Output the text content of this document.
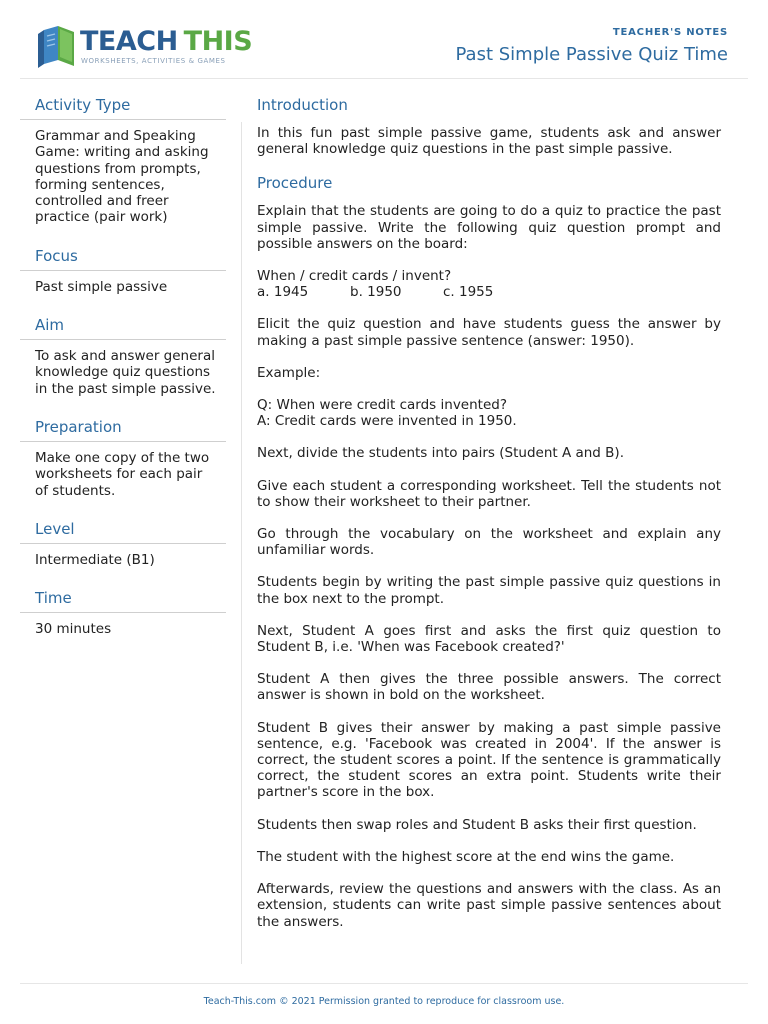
TEACH THIS
WORKSHEETS, ACTIVITIES & GAMES
TEACHER'S NOTES
Past Simple Passive Quiz Time
Activity Type
Grammar and Speaking Game: writing and asking questions from prompts, forming sentences, controlled and freer practice (pair work)
Focus
Past simple passive
Aim
To ask and answer general knowledge quiz questions in the past simple passive.
Preparation
Make one copy of the two worksheets for each pair of students.
Level
Intermediate (B1)
Time
30 minutes
Introduction

In this fun past simple passive game, students ask and answer general knowledge quiz questions in the past simple passive.

Procedure

Explain that the students are going to do a quiz to practice the past simple passive. Write the following quiz question prompt and possible answers on the board:

When / credit cards / invent?

a. 1945	b. 1950	c. 1955

Elicit the quiz question and have students guess the answer by making a past simple passive sentence (answer: 1950).

Example:

Q: When were credit cards invented?

A: Credit cards were invented in 1950.

Next, divide the students into pairs (Student A and B).

Give each student a corresponding worksheet. Tell the students not to show their worksheet to their partner.

Go through the vocabulary on the worksheet and explain any unfamiliar words.

Students begin by writing the past simple passive quiz questions in the box next to the prompt.

Next, Student A goes first and asks the first quiz question to Student B, i.e. 'When was Facebook created?'

Student A then gives the three possible answers. The correct answer is shown in bold on the worksheet.

Student B gives their answer by making a past simple passive sentence, e.g. 'Facebook was created in 2004'. If the answer is correct, the student scores a point. If the sentence is grammatically correct, the student scores an extra point. Students write their partner's score in the box.

Students then swap roles and Student B asks their first question.

The student with the highest score at the end wins the game.

Afterwards, review the questions and answers with the class. As an extension, students can write past simple passive sentences about the answers.

Teach-This.com © 2021 Permission granted to reproduce for classroom use.
